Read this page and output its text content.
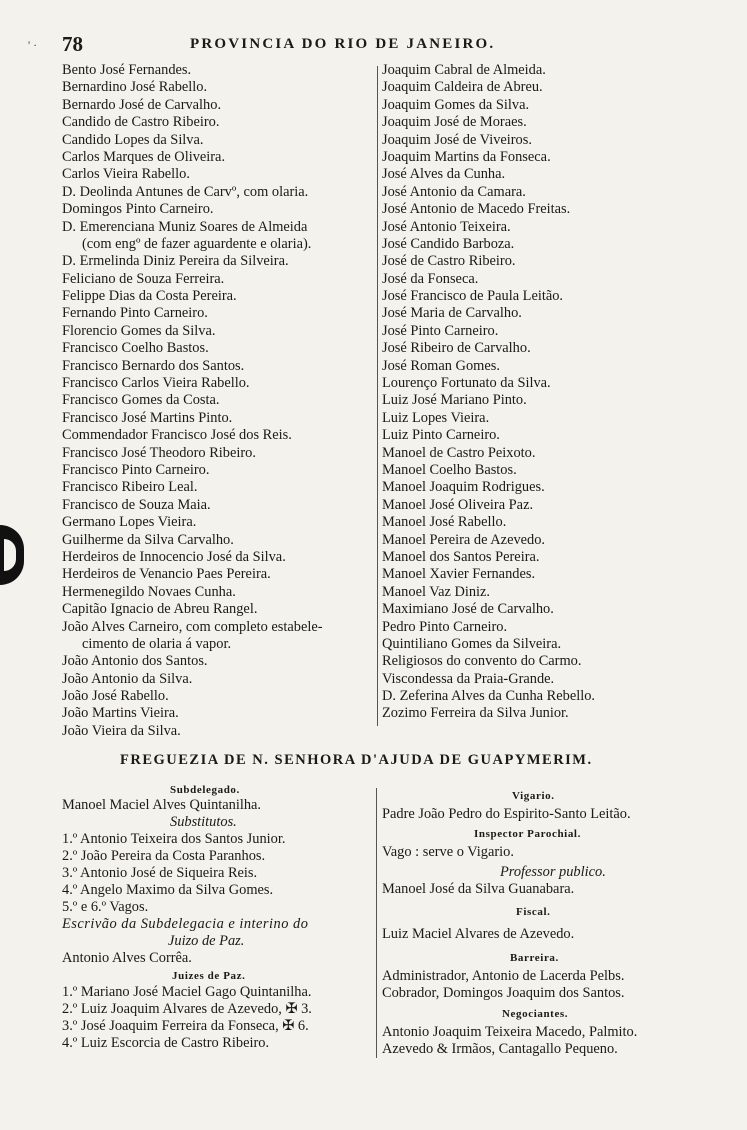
' · 78	PROVINCIA DO RIO DE JANEIRO.
Bento José Fernandes.
Bernardino José Rabello.
Bernardo José de Carvalho.
Candido de Castro Ribeiro.
Candido Lopes da Silva.
Carlos Marques de Oliveira.
Carlos Vieira Rabello.
D. Deolinda Antunes de Carvº, com olaria.
Domingos Pinto Carneiro.
D. Emerenciana Muniz Soares de Almeida
(com engº de fazer aguardente e olaria).
D. Ermelinda Diniz Pereira da Silveira.
Feliciano de Souza Ferreira.
Felippe Dias da Costa Pereira.
Fernando Pinto Carneiro.
Florencio Gomes da Silva.
Francisco Coelho Bastos.
Francisco Bernardo dos Santos.
Francisco Carlos Vieira Rabello.
Francisco Gomes da Costa.
Francisco José Martins Pinto.
Commendador Francisco José dos Reis.
Francisco José Theodoro Ribeiro.
Francisco Pinto Carneiro.
Francisco Ribeiro Leal.
Francisco de Souza Maia.
Germano Lopes Vieira.
Guilherme da Silva Carvalho.
Herdeiros de Innocencio José da Silva.
Herdeiros de Venancio Paes Pereira.
Hermenegildo Novaes Cunha.
Capitão Ignacio de Abreu Rangel.
João Alves Carneiro, com completo estabele-
cimento de olaria á vapor.
João Antonio dos Santos.
João Antonio da Silva.
João José Rabello.
João Martins Vieira.
João Vieira da Silva.
Joaquim Cabral de Almeida.
Joaquim Caldeira de Abreu.
Joaquim Gomes da Silva.
Joaquim José de Moraes.
Joaquim José de Viveiros.
Joaquim Martins da Fonseca.
José Alves da Cunha.
José Antonio da Camara.
José Antonio de Macedo Freitas.
José Antonio Teixeira.
José Candido Barboza.
José de Castro Ribeiro.
José da Fonseca.
José Francisco de Paula Leitão.
José Maria de Carvalho.
José Pinto Carneiro.
José Ribeiro de Carvalho.
José Roman Gomes.
Lourenço Fortunato da Silva.
Luiz José Mariano Pinto.
Luiz Lopes Vieira.
Luiz Pinto Carneiro.
Manoel de Castro Peixoto.
Manoel Coelho Bastos.
Manoel Joaquim Rodrigues.
Manoel José Oliveira Paz.
Manoel José Rabello.
Manoel Pereira de Azevedo.
Manoel dos Santos Pereira.
Manoel Xavier Fernandes.
Manoel Vaz Diniz.
Maximiano José de Carvalho.
Pedro Pinto Carneiro.
Quintiliano Gomes da Silveira.
Religiosos do convento do Carmo.
Viscondessa da Praia-Grande.
D. Zeferina Alves da Cunha Rebello.
Zozimo Ferreira da Silva Junior.
FREGUEZIA DE N. SENHORA D'AJUDA DE GUAPYMERIM.
Subdelegado.
Manoel Maciel Alves Quintanilha.
Substitutos.
1.º Antonio Teixeira dos Santos Junior.
2.º João Pereira da Costa Paranhos.
3.º Antonio José de Siqueira Reis.
4.º Angelo Maximo da Silva Gomes.
5.º e 6.º Vagos.
Escrivão da Subdelegacia e interino do
Juizo de Paz.
Antonio Alves Corrêa.
Juizes de Paz.
1.º Mariano José Maciel Gago Quintanilha.
2.º Luiz Joaquim Alvares de Azevedo, ✠ 3.
3.º José Joaquim Ferreira da Fonseca, ✠ 6.
4.º Luiz Escorcia de Castro Ribeiro.
Vigario.
Padre João Pedro do Espirito-Santo Leitão.
Inspector Parochial.
Vago : serve o Vigario.
Professor publico.
Manoel José da Silva Guanabara.
Fiscal.
Luiz Maciel Alvares de Azevedo.
Barreira.
Administrador, Antonio de Lacerda Pelbs.
Cobrador, Domingos Joaquim dos Santos.
Negociantes.
Antonio Joaquim Teixeira Macedo, Palmito.
Azevedo & Irmãos, Cantagallo Pequeno.
